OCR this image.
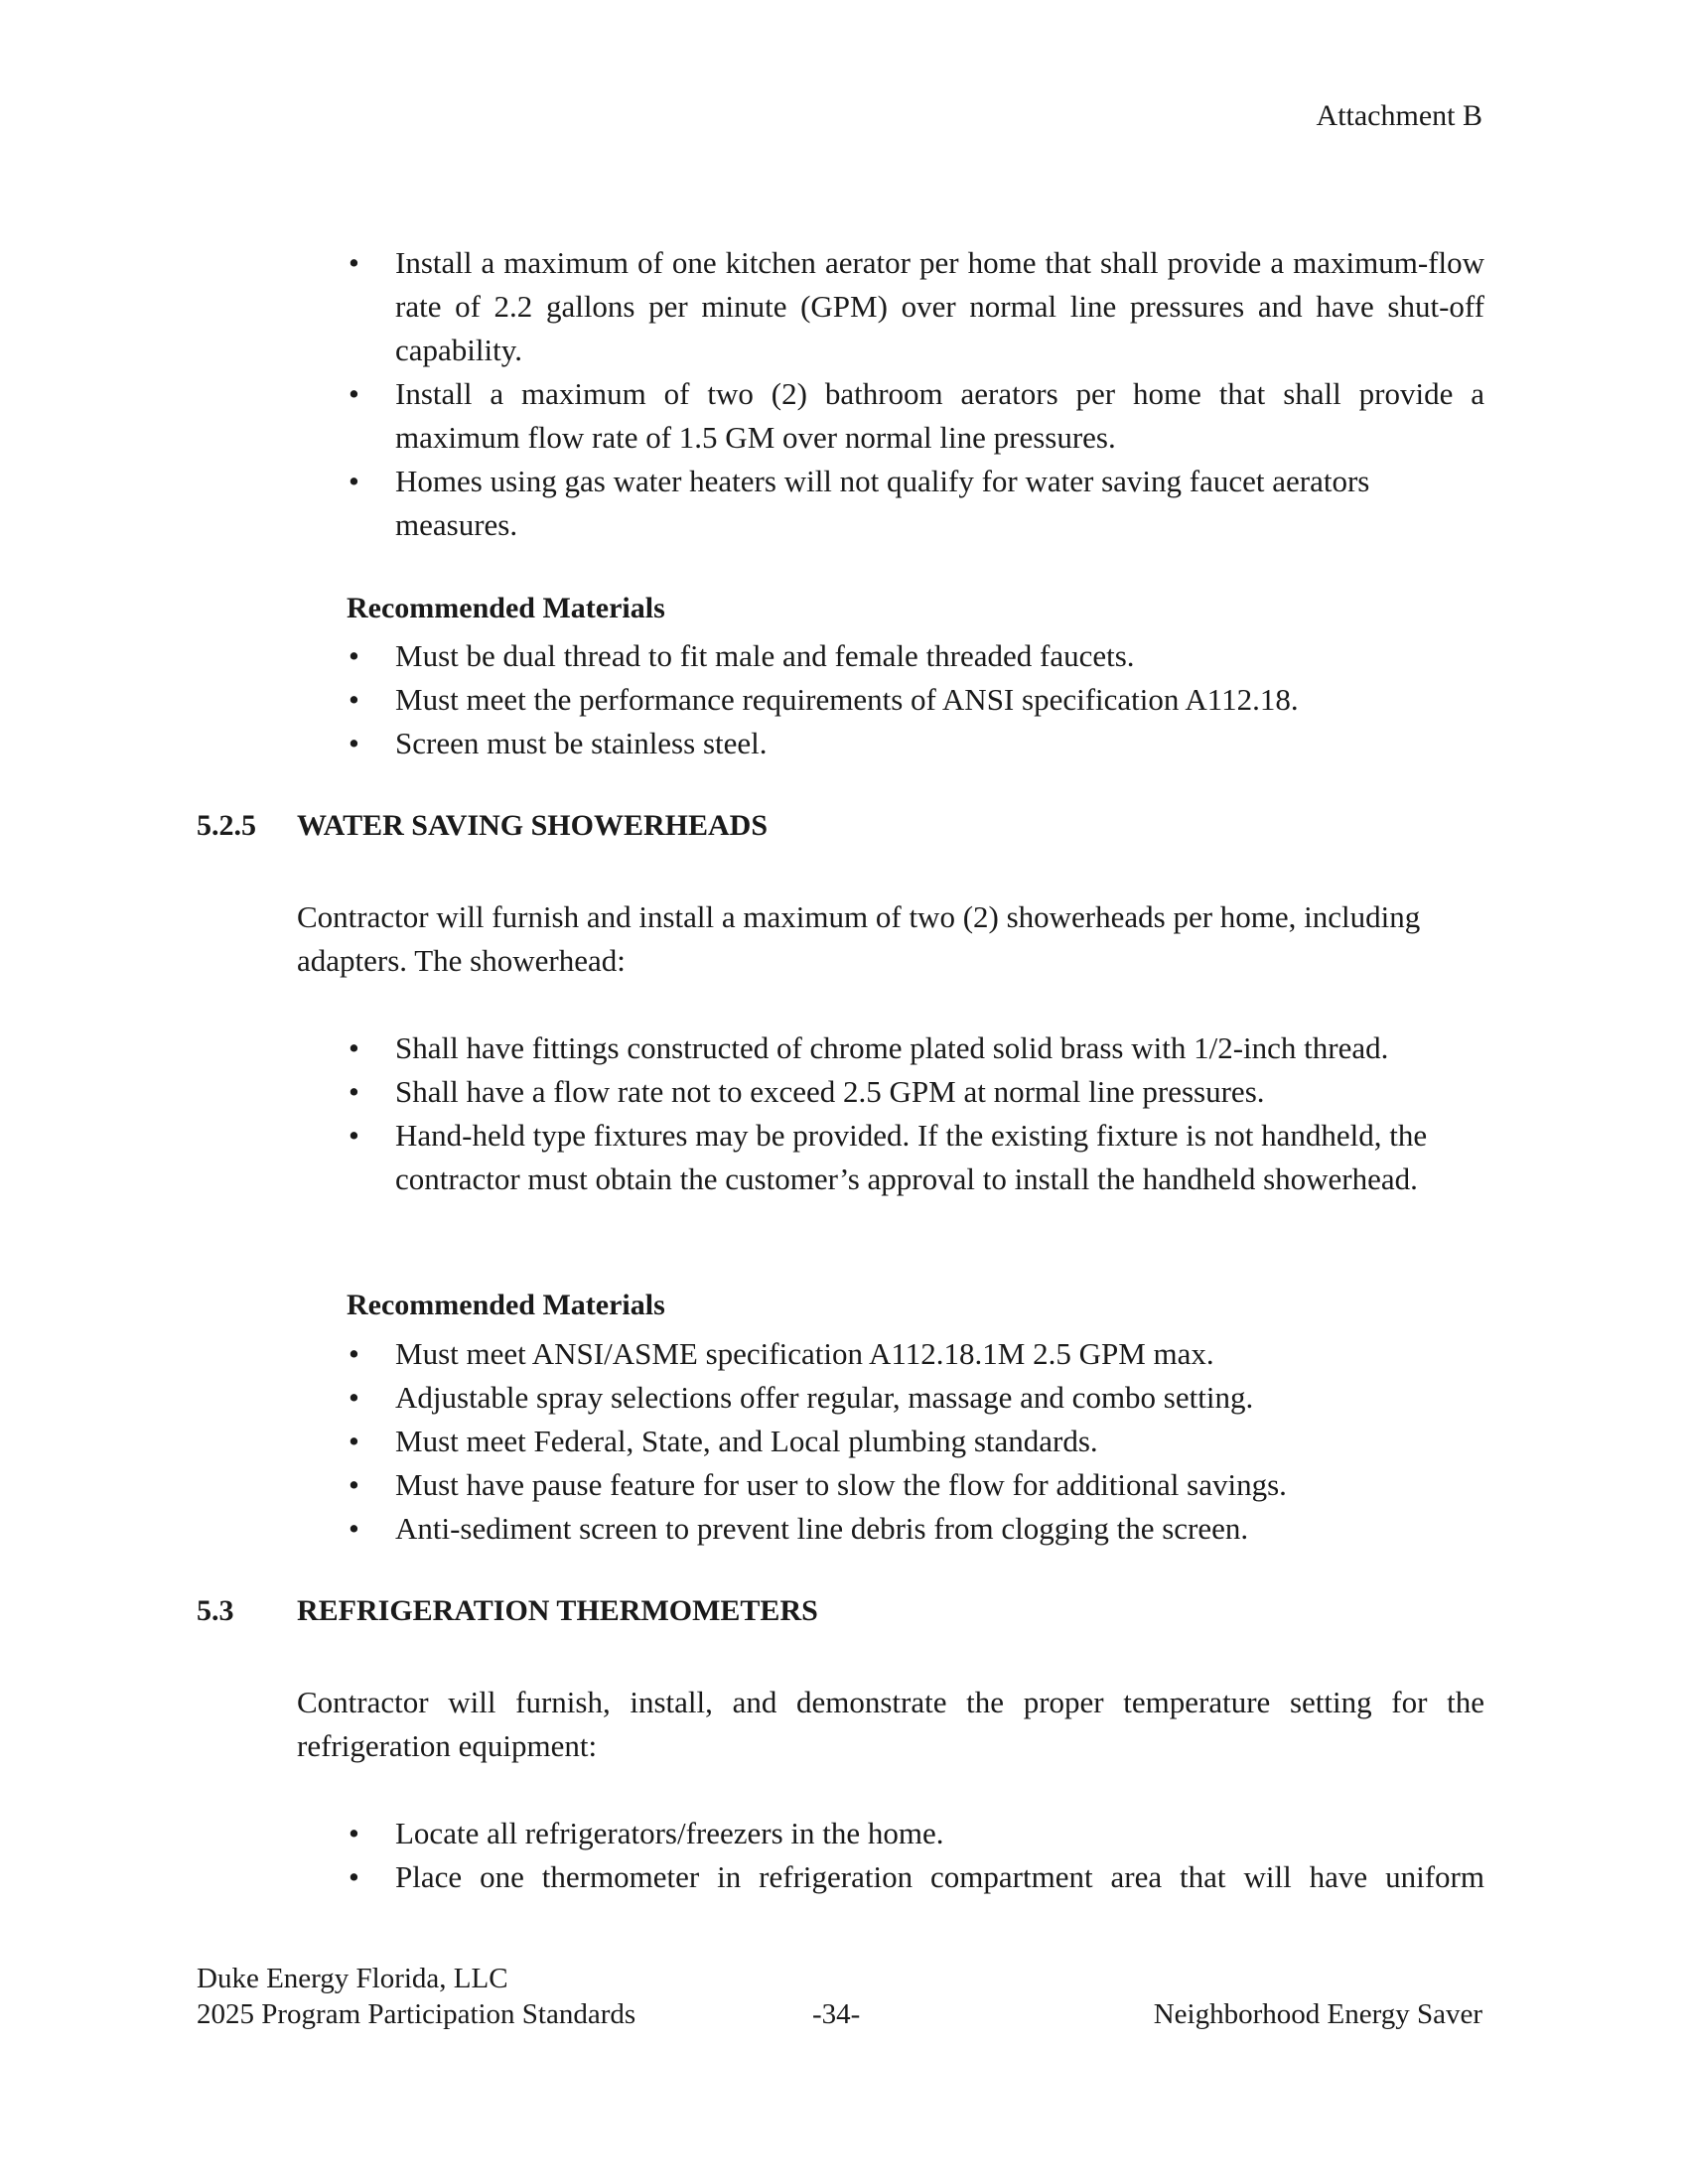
Attachment B
• Install a maximum of one kitchen aerator per home that shall provide a maximum-flow rate of 2.2 gallons per minute (GPM) over normal line pressures and have shut-off capability.
• Install a maximum of two (2) bathroom aerators per home that shall provide a maximum flow rate of 1.5 GM over normal line pressures.
• Homes using gas water heaters will not qualify for water saving faucet aerators measures.
Recommended Materials
• Must be dual thread to fit male and female threaded faucets.
• Must meet the performance requirements of ANSI specification A112.18.
• Screen must be stainless steel.
5.2.5 WATER SAVING SHOWERHEADS
Contractor will furnish and install a maximum of two (2) showerheads per home, including adapters. The showerhead:
• Shall have fittings constructed of chrome plated solid brass with 1/2-inch thread.
• Shall have a flow rate not to exceed 2.5 GPM at normal line pressures.
• Hand-held type fixtures may be provided. If the existing fixture is not handheld, the contractor must obtain the customer’s approval to install the handheld showerhead.
Recommended Materials
• Must meet ANSI/ASME specification A112.18.1M 2.5 GPM max.
• Adjustable spray selections offer regular, massage and combo setting.
• Must meet Federal, State, and Local plumbing standards.
• Must have pause feature for user to slow the flow for additional savings.
• Anti-sediment screen to prevent line debris from clogging the screen.
5.3 REFRIGERATION THERMOMETERS
Contractor will furnish, install, and demonstrate the proper temperature setting for the refrigeration equipment:
• Locate all refrigerators/freezers in the home.
• Place one thermometer in refrigeration compartment area that will have uniform
Duke Energy Florida, LLC
2025 Program Participation Standards	-34-	Neighborhood Energy Saver
